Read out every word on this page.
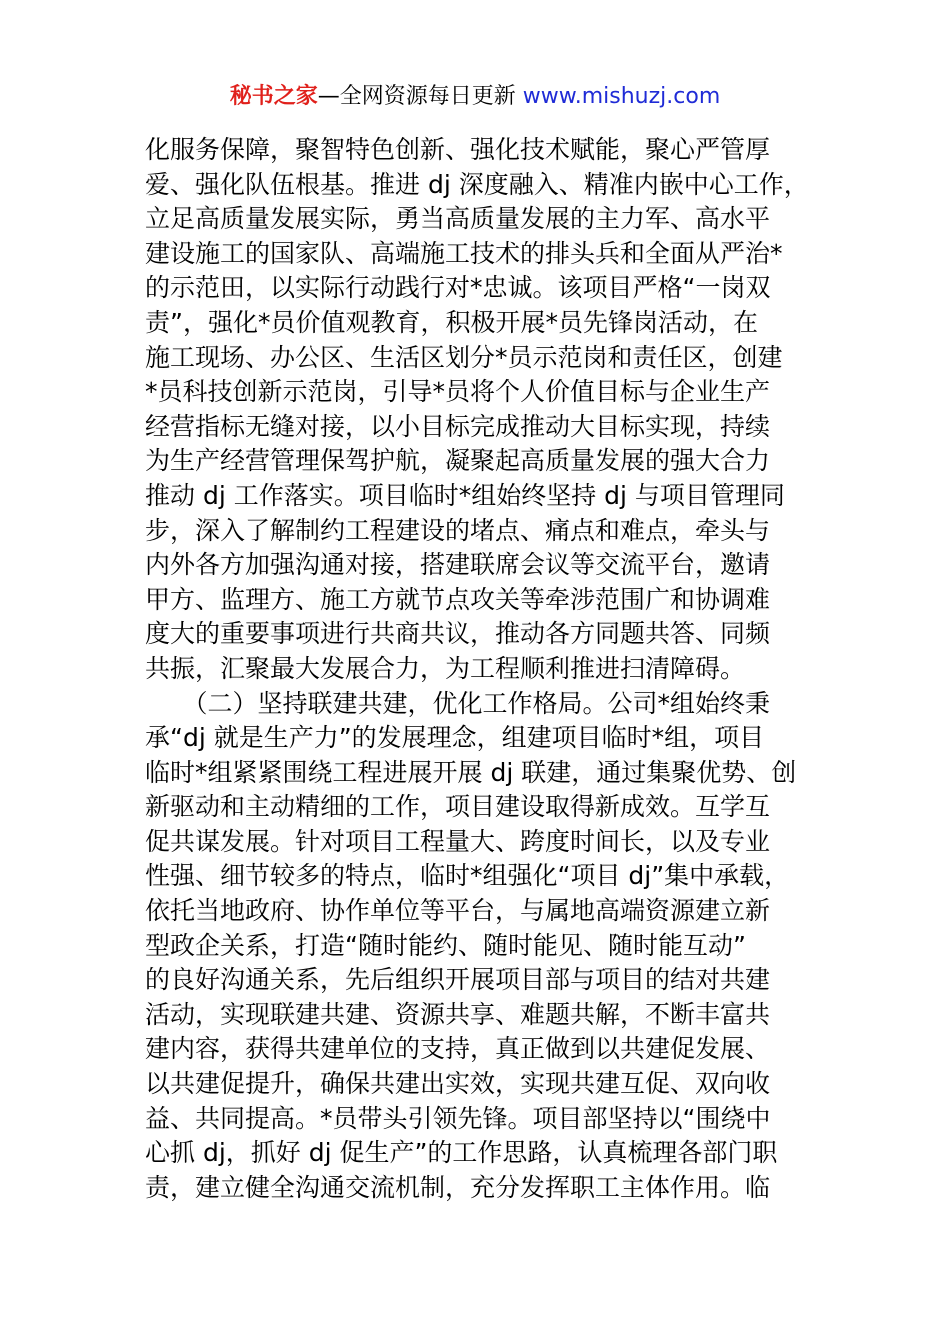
秘书之家—全网资源每日更新 www.mishuzj.com
化服务保障，聚智特色创新、强化技术赋能，聚心严管厚
爱、强化队伍根基。推进 dj 深度融入、精准内嵌中心工作，
立足高质量发展实际，勇当高质量发展的主力军、高水平
建设施工的国家队、高端施工技术的排头兵和全面从严治*
的示范田，以实际行动践行对*忠诚。该项目严格“一岗双
责”，强化*员价值观教育，积极开展*员先锋岗活动，在
施工现场、办公区、生活区划分*员示范岗和责任区，创建
*员科技创新示范岗，引导*员将个人价值目标与企业生产
经营指标无缝对接，以小目标完成推动大目标实现，持续
为生产经营管理保驾护航，凝聚起高质量发展的强大合力
推动 dj 工作落实。项目临时*组始终坚持 dj 与项目管理同
步，深入了解制约工程建设的堵点、痛点和难点，牵头与
内外各方加强沟通对接，搭建联席会议等交流平台，邀请
甲方、监理方、施工方就节点攻关等牵涉范围广和协调难
度大的重要事项进行共商共议，推动各方同题共答、同频
共振，汇聚最大发展合力，为工程顺利推进扫清障碍。
　　（二）坚持联建共建，优化工作格局。公司*组始终秉
承“dj 就是生产力”的发展理念，组建项目临时*组，项目
临时*组紧紧围绕工程进展开展 dj 联建，通过集聚优势、创
新驱动和主动精细的工作，项目建设取得新成效。互学互
促共谋发展。针对项目工程量大、跨度时间长，以及专业
性强、细节较多的特点，临时*组强化“项目 dj”集中承载，
依托当地政府、协作单位等平台，与属地高端资源建立新
型政企关系，打造“随时能约、随时能见、随时能互动”
的良好沟通关系，先后组织开展项目部与项目的结对共建
活动，实现联建共建、资源共享、难题共解，不断丰富共
建内容，获得共建单位的支持，真正做到以共建促发展、
以共建促提升，确保共建出实效，实现共建互促、双向收
益、共同提高。*员带头引领先锋。项目部坚持以“围绕中
心抓 dj，抓好 dj 促生产”的工作思路，认真梳理各部门职
责，建立健全沟通交流机制，充分发挥职工主体作用。临
